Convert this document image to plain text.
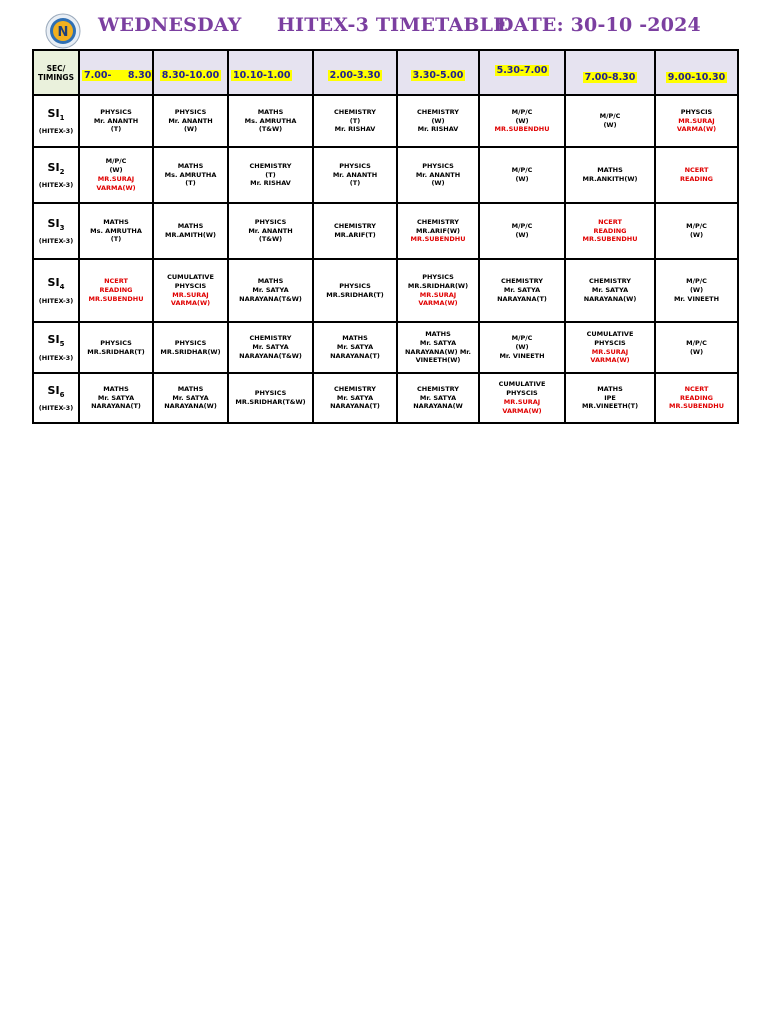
N WEDNESDAY HITEX-3 TIMETABLE
DATE: 30-10 -2024
SEC/
TIMINGS	7.00-     8.30	8.30-10.00	10.10-1.00	2.00-3.30	3.30-5.00	5.30-7.00	7.00-8.30	9.00-10.30

$SI_1$
(HITEX-3)	PHYSICS
Mr. ANANTH
(T)	PHYSICS
Mr. ANANTH
(W)	MATHS
Ms. AMRUTHA
(T&W)	CHEMISTRY
(T)
Mr. RISHAV	CHEMISTRY
(W)
Mr. RISHAV	M/P/C
(W)
MR.SUBENDHU	M/P/C
(W)	PHYSCIS
MR.SURAJ
VARMA(W)

$SI_2$
(HITEX-3)	M/P/C
(W)
MR.SURAJ
VARMA(W)	MATHS
Ms. AMRUTHA
(T)	CHEMISTRY
(T)
Mr. RISHAV	PHYSICS
Mr. ANANTH
(T)	PHYSICS
Mr. ANANTH
(W)	M/P/C
(W)	MATHS
MR.ANKITH(W)	NCERT
READING

$SI_3$
(HITEX-3)	MATHS
Ms. AMRUTHA
(T)	MATHS
MR.AMITH(W)	PHYSICS
Mr. ANANTH
(T&W)	CHEMISTRY
MR.ARIF(T)	CHEMISTRY
MR.ARIF(W)
MR.SUBENDHU	M/P/C
(W)	NCERT
READING
MR.SUBENDHU	M/P/C
(W)

$SI_4$
(HITEX-3)	NCERT
READING
MR.SUBENDHU	CUMULATIVE
PHYSCIS
MR.SURAJ
VARMA(W)	MATHS
Mr. SATYA
NARAYANA(T&W)	PHYSICS
MR.SRIDHAR(T)	PHYSICS
MR.SRIDHAR(W)
MR.SURAJ
VARMA(W)	CHEMISTRY
Mr. SATYA
NARAYANA(T)	CHEMISTRY
Mr. SATYA
NARAYANA(W)	M/P/C
(W)
Mr. VINEETH

$SI_5$
(HITEX-3)	PHYSICS
MR.SRIDHAR(T)	PHYSICS
MR.SRIDHAR(W)	CHEMISTRY
Mr. SATYA
NARAYANA(T&W)	MATHS
Mr. SATYA
NARAYANA(T)	MATHS
Mr. SATYA
NARAYANA(W) Mr.
VINEETH(W)	M/P/C
(W)
Mr. VINEETH	CUMULATIVE
PHYSCIS
MR.SURAJ
VARMA(W)	M/P/C
(W)

$SI_6$
(HITEX-3)	MATHS
Mr. SATYA
NARAYANA(T)	MATHS
Mr. SATYA
NARAYANA(W)	PHYSICS
MR.SRIDHAR(T&W)	CHEMISTRY
Mr. SATYA
NARAYANA(T)	CHEMISTRY
Mr. SATYA
NARAYANA(W	CUMULATIVE
PHYSCIS
MR.SURAJ
VARMA(W)	MATHS
IPE
MR.VINEETH(T)	NCERT
READING
MR.SUBENDHU
